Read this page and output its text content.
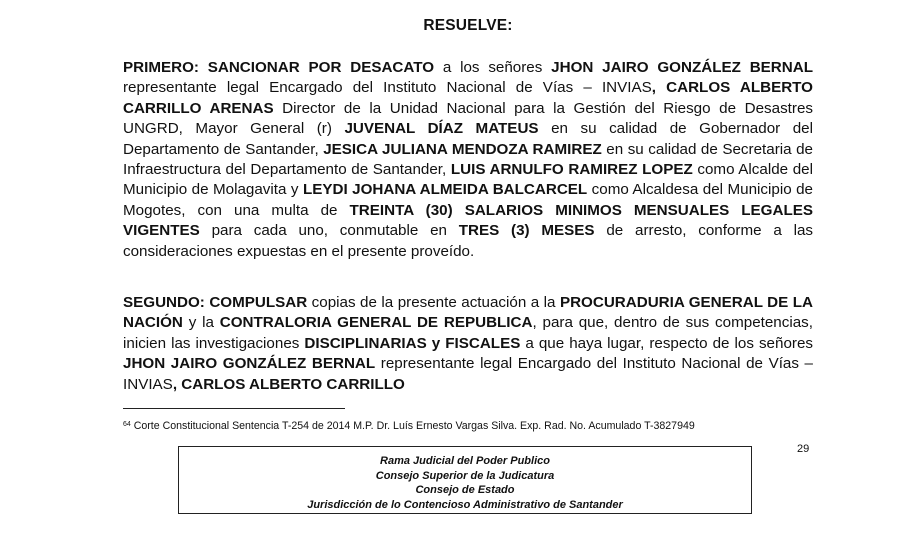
RESUELVE:

PRIMERO: SANCIONAR POR DESACATO a los señores JHON JAIRO GONZÁLEZ BERNAL representante legal Encargado del Instituto Nacional de Vías – INVIAS, CARLOS ALBERTO CARRILLO ARENAS Director de la Unidad Nacional para la Gestión del Riesgo de Desastres UNGRD, Mayor General (r) JUVENAL DÍAZ MATEUS en su calidad de Gobernador del Departamento de Santander, JESICA JULIANA MENDOZA RAMIREZ en su calidad de Secretaria de Infraestructura del Departamento de Santander, LUIS ARNULFO RAMIREZ LOPEZ como Alcalde del Municipio de Molagavita y LEYDI JOHANA ALMEIDA BALCARCEL como Alcaldesa del Municipio de Mogotes, con una multa de TREINTA (30) SALARIOS MINIMOS MENSUALES LEGALES VIGENTES para cada uno, conmutable en TRES (3) MESES de arresto, conforme a las consideraciones expuestas en el presente proveído.

SEGUNDO: COMPULSAR copias de la presente actuación a la PROCURADURIA GENERAL DE LA NACIÓN y la CONTRALORIA GENERAL DE REPUBLICA, para que, dentro de sus competencias, inicien las investigaciones DISCIPLINARIAS y FISCALES a que haya lugar, respecto de los señores JHON JAIRO GONZÁLEZ BERNAL representante legal Encargado del Instituto Nacional de Vías – INVIAS, CARLOS ALBERTO CARRILLO

$^{64}$ Corte Constitucional Sentencia T-254 de 2014 M.P. Dr. Luís Ernesto Vargas Silva. Exp. Rad. No. Acumulado T-3827949
29
Rama Judicial del Poder Publico
Consejo Superior de la Judicatura
Consejo de Estado
Jurisdicción de lo Contencioso Administrativo de Santander
